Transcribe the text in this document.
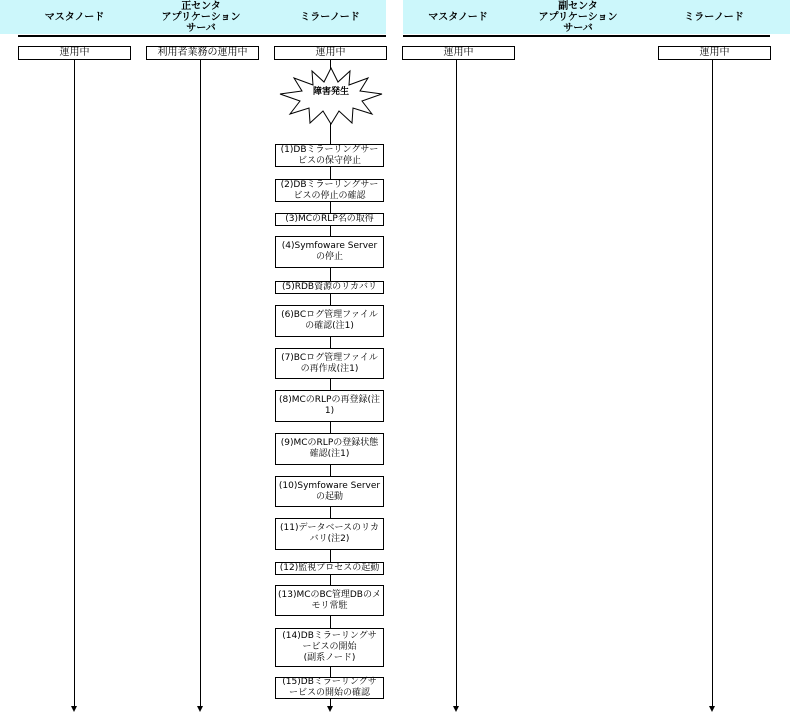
マスタノード
正センタ
アプリケーション
サーバ
ミラーノード	マスタノード
副センタ
アプリケーション
サーバ
ミラーノード
運用中	利用者業務の運用中	運用中	運用中	運用中
障害発生
(1)DBミラーリングサービスの保守停止
(2)DBミラーリングサービスの停止の確認
(3)MCのRLP名の取得
(4)Symfoware Serverの停止
(5)RDB資源のリカバリ
(6)BCログ管理ファイルの確認(注1)
(7)BCログ管理ファイルの再作成(注1)
(8)MCのRLPの再登録(注1)
(9)MCのRLPの登録状態確認(注1)
(10)Symfoware Serverの起動
(11)データベースのリカバリ(注2)
(12)監視プロセスの起動
(13)MCのBC管理DBのメモリ常駐
(14)DBミラーリングサービスの開始
(副系ノード)
(15)DBミラーリングサービスの開始の確認
